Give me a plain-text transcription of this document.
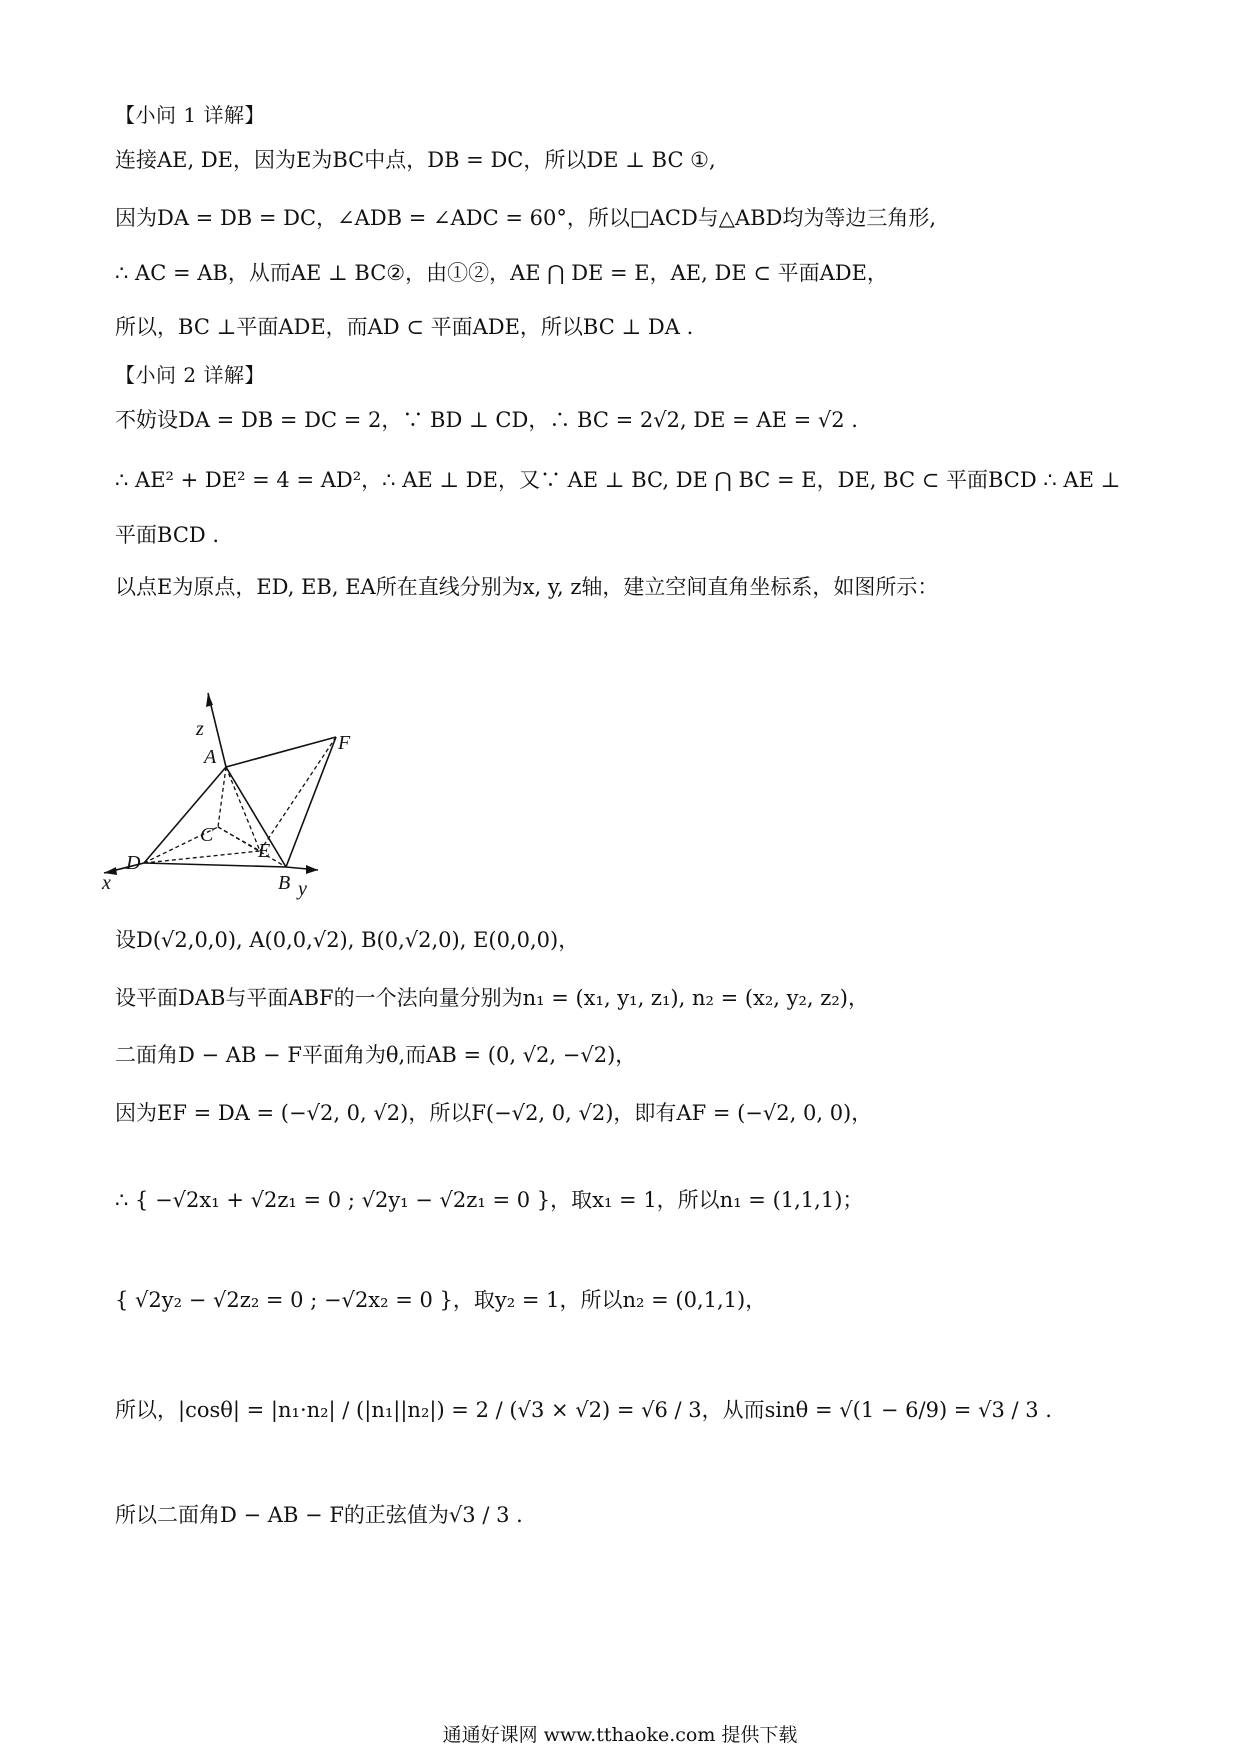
【小问 1 详解】
连接AE, DE，因为E为BC中点，DB = DC，所以DE ⊥ BC ①,
因为DA = DB = DC，∠ADB = ∠ADC = 60°，所以□ACD与△ABD均为等边三角形,
∴ AC = AB，从而AE ⊥ BC②，由①②，AE ⋂ DE = E，AE, DE ⊂ 平面ADE，
所以，BC ⊥平面ADE，而AD ⊂ 平面ADE，所以BC ⊥ DA .
【小问 2 详解】
不妨设DA = DB = DC = 2，∵ BD ⊥ CD，∴ BC = 2√2, DE = AE = √2 .
∴ AE² + DE² = 4 = AD²，∴ AE ⊥ DE，又∵ AE ⊥ BC, DE ⋂ BC = E，DE, BC ⊂ 平面BCD ∴ AE ⊥
平面BCD .
以点E为原点，ED, EB, EA所在直线分别为x, y, z轴，建立空间直角坐标系，如图所示：
z
A
F
C
E
D
x	B y
设D(√2,0,0), A(0,0,√2), B(0,√2,0), E(0,0,0)，
设平面DAB与平面ABF的一个法向量分别为n₁ = (x₁, y₁, z₁), n₂ = (x₂, y₂, z₂)，
二面角D − AB − F平面角为θ,而AB = (0, √2, −√2)，
因为EF = DA = (−√2, 0, √2)，所以F(−√2, 0, √2)，即有AF = (−√2, 0, 0)，
∴ { −√2x₁ + √2z₁ = 0 ; √2y₁ − √2z₁ = 0 }，取x₁ = 1，所以n₁ = (1,1,1)；
{ √2y₂ − √2z₂ = 0 ; −√2x₂ = 0 }，取y₂ = 1，所以n₂ = (0,1,1)，
所以，|cosθ| = |n₁·n₂| / (|n₁||n₂|) = 2 / (√3 × √2) = √6 / 3，从而sinθ = √(1 − 6/9) = √3 / 3 .
所以二面角D − AB − F的正弦值为√3 / 3 .
通通好课网 www.tthaoke.com 提供下载
